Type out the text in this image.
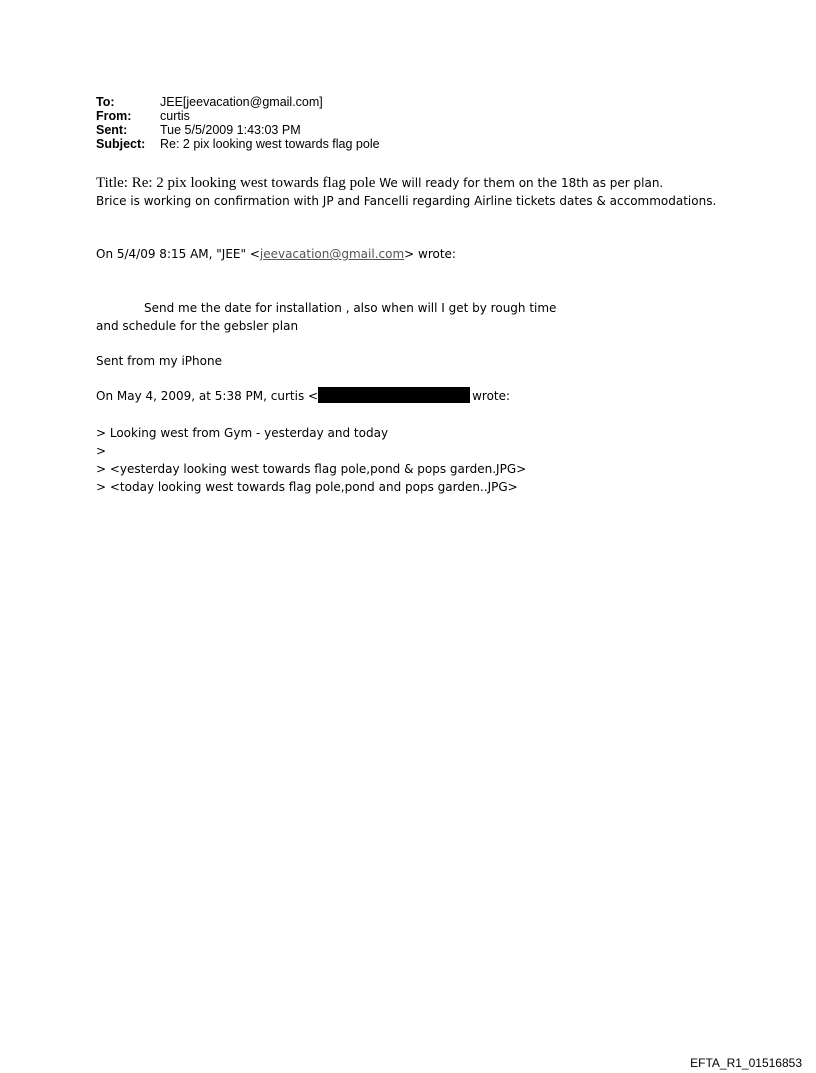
To:	JEE[jeevacation@gmail.com]
From:	curtis
Sent:	Tue 5/5/2009 1:43:03 PM
Subject:	Re: 2 pix looking west towards flag pole
Title: Re: 2 pix looking west towards flag pole We will ready for them on the 18th as per plan.
Brice is working on confirmation with JP and Fancelli regarding Airline tickets dates & accommodations.
On 5/4/09 8:15 AM, "JEE" <jeevacation@gmail.com> wrote:
Send me the date for installation , also when will I get by rough time
and schedule for the gebsler plan
Sent from my iPhone
On May 4, 2009, at 5:38 PM, curtis <	wrote:
> Looking west from Gym - yesterday and today
>
> <yesterday looking west towards flag pole,pond & pops garden.JPG>
> <today looking west towards flag pole,pond and pops garden..JPG>
EFTA_R1_01516853
